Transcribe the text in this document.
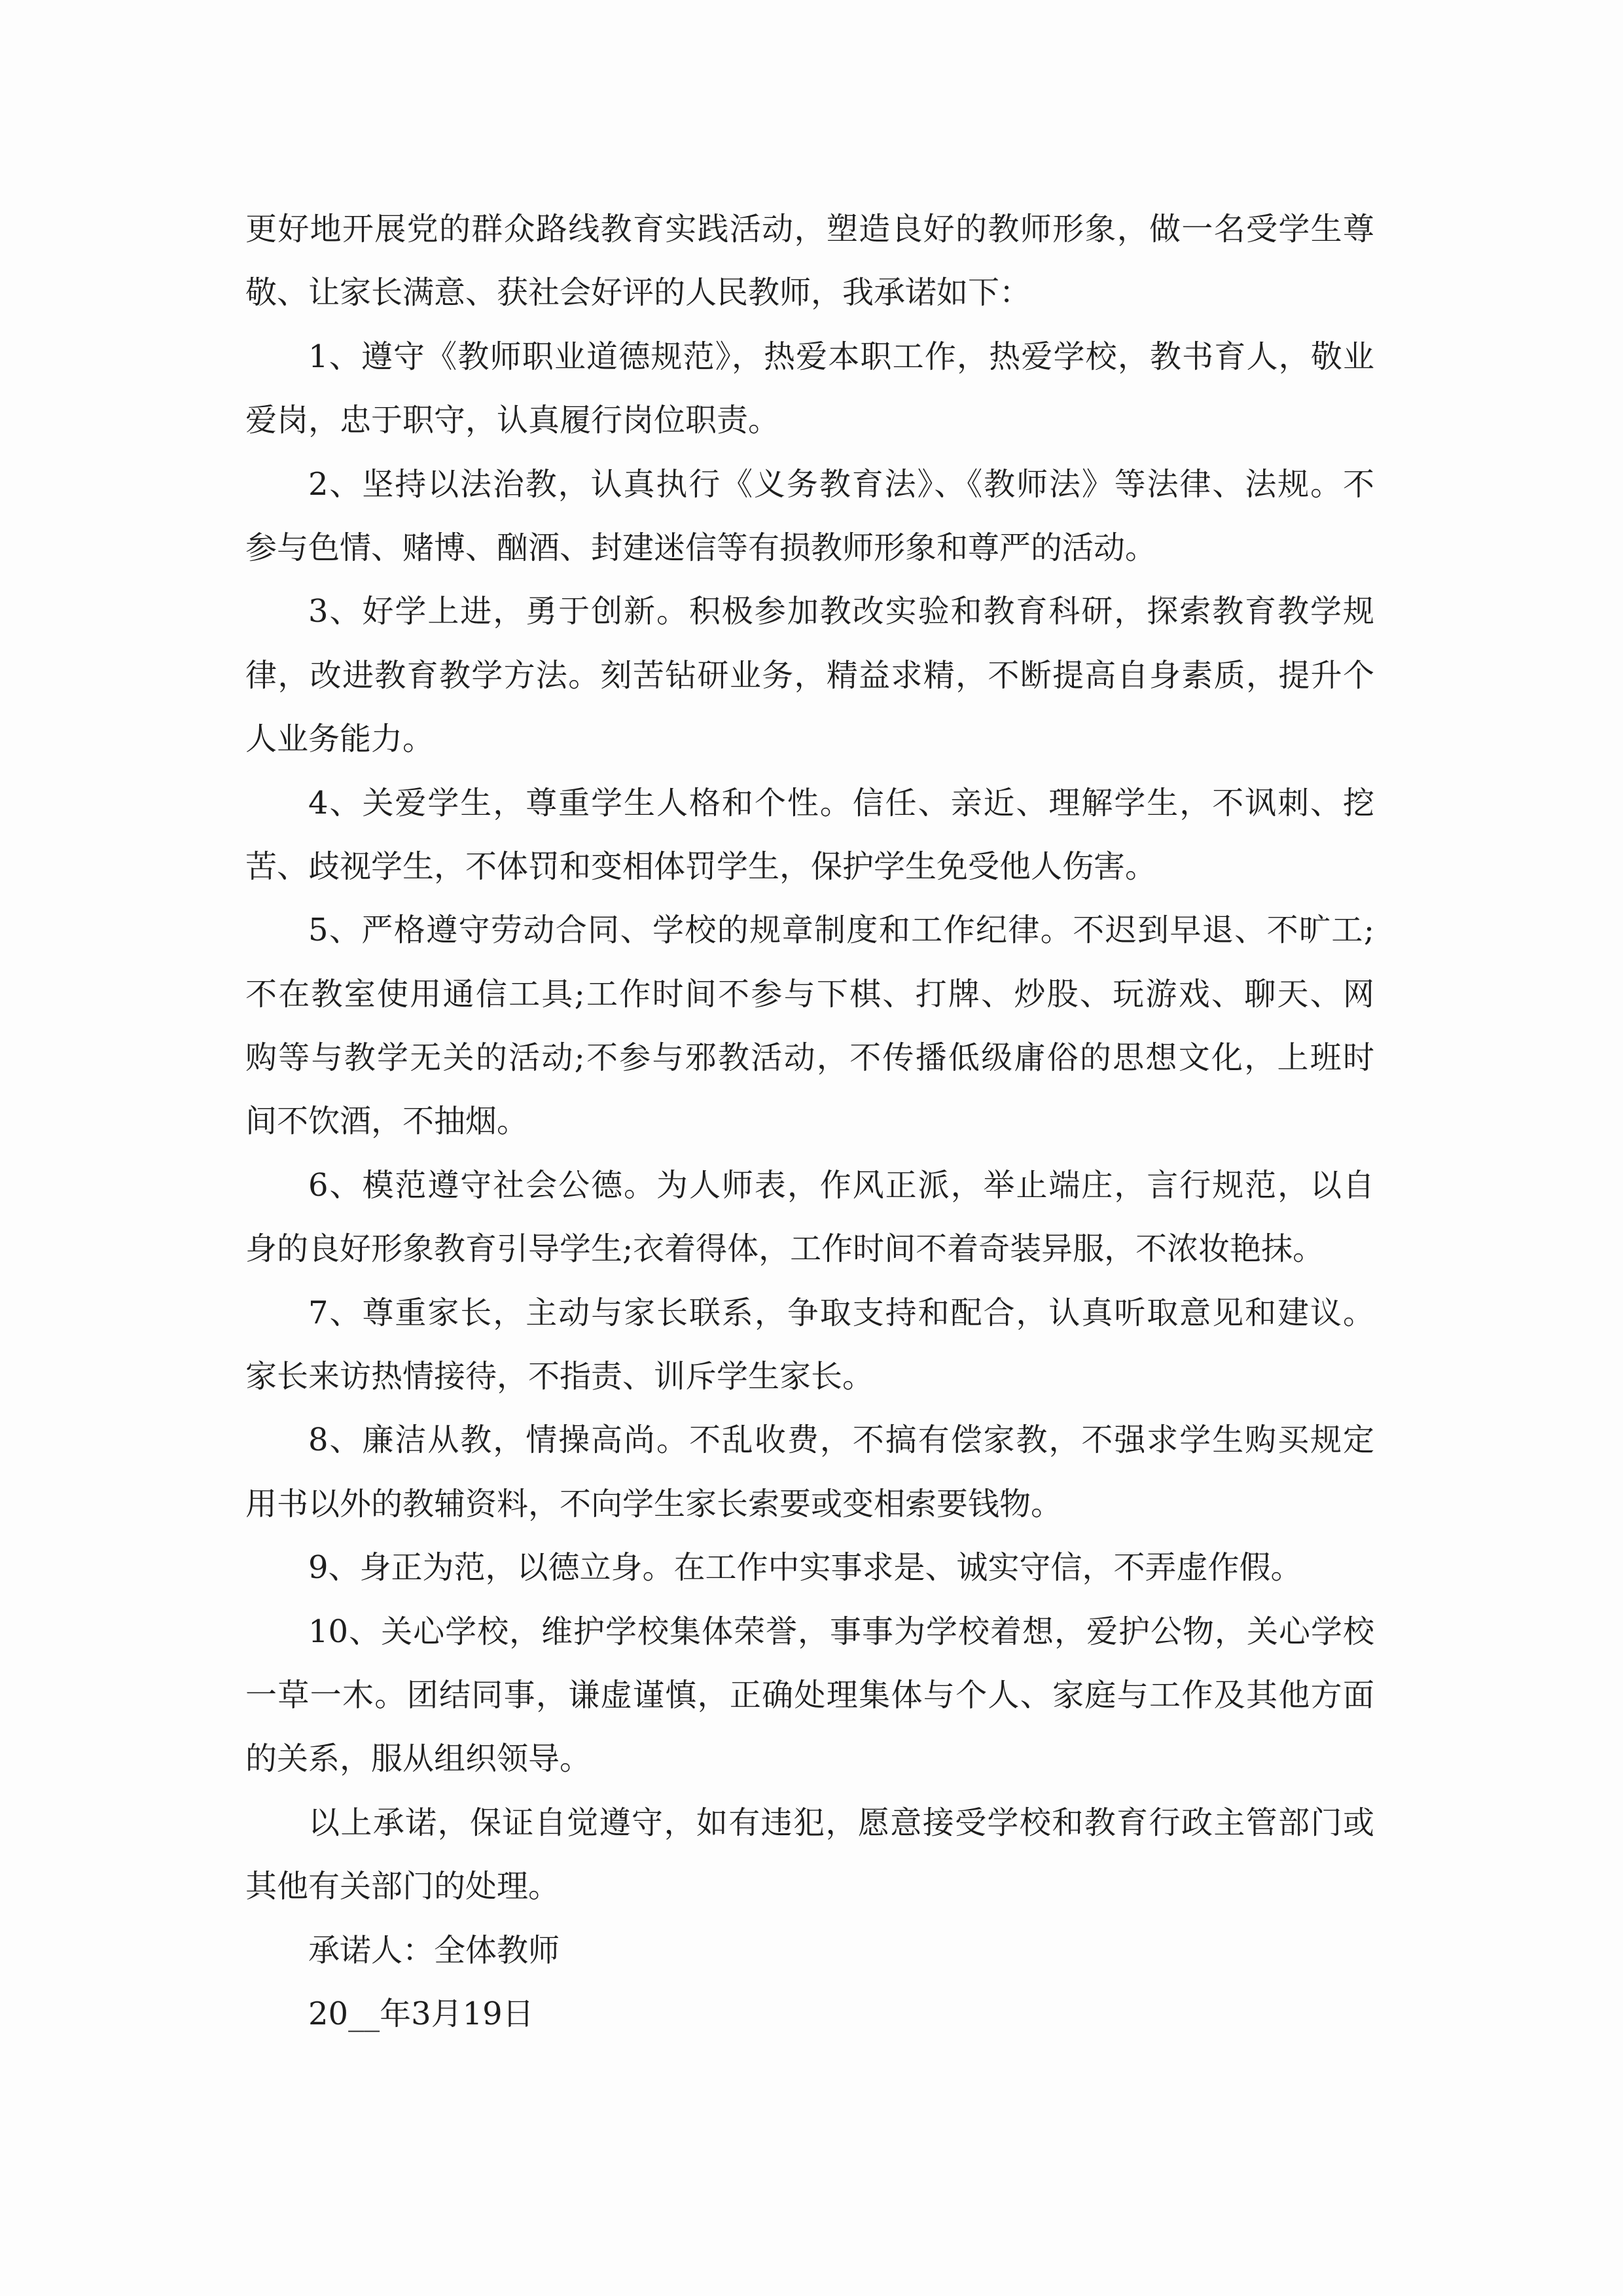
更好地开展党的群众路线教育实践活动，塑造良好的教师形象，做一名受学生尊
敬、让家长满意、获社会好评的人民教师，我承诺如下：
1、遵守《教师职业道德规范》，热爱本职工作，热爱学校，教书育人，敬业
爱岗，忠于职守，认真履行岗位职责。
2、坚持以法治教，认真执行《义务教育法》、《教师法》等法律、法规。不
参与色情、赌博、酗酒、封建迷信等有损教师形象和尊严的活动。
3、好学上进，勇于创新。积极参加教改实验和教育科研，探索教育教学规
律，改进教育教学方法。刻苦钻研业务，精益求精，不断提高自身素质，提升个
人业务能力。
4、关爱学生，尊重学生人格和个性。信任、亲近、理解学生，不讽刺、挖
苦、歧视学生，不体罚和变相体罚学生，保护学生免受他人伤害。
5、严格遵守劳动合同、学校的规章制度和工作纪律。不迟到早退、不旷工;
不在教室使用通信工具;工作时间不参与下棋、打牌、炒股、玩游戏、聊天、网
购等与教学无关的活动;不参与邪教活动，不传播低级庸俗的思想文化，上班时
间不饮酒，不抽烟。
6、模范遵守社会公德。为人师表，作风正派，举止端庄，言行规范，以自
身的良好形象教育引导学生;衣着得体，工作时间不着奇装异服，不浓妆艳抹。
7、尊重家长，主动与家长联系，争取支持和配合，认真听取意见和建议。
家长来访热情接待，不指责、训斥学生家长。
8、廉洁从教，情操高尚。不乱收费，不搞有偿家教，不强求学生购买规定
用书以外的教辅资料，不向学生家长索要或变相索要钱物。
9、身正为范，以德立身。在工作中实事求是、诚实守信，不弄虚作假。
10、关心学校，维护学校集体荣誉，事事为学校着想，爱护公物，关心学校
一草一木。团结同事，谦虚谨慎，正确处理集体与个人、家庭与工作及其他方面
的关系，服从组织领导。
以上承诺，保证自觉遵守，如有违犯，愿意接受学校和教育行政主管部门或
其他有关部门的处理。
承诺人：全体教师
20__年3月19日
